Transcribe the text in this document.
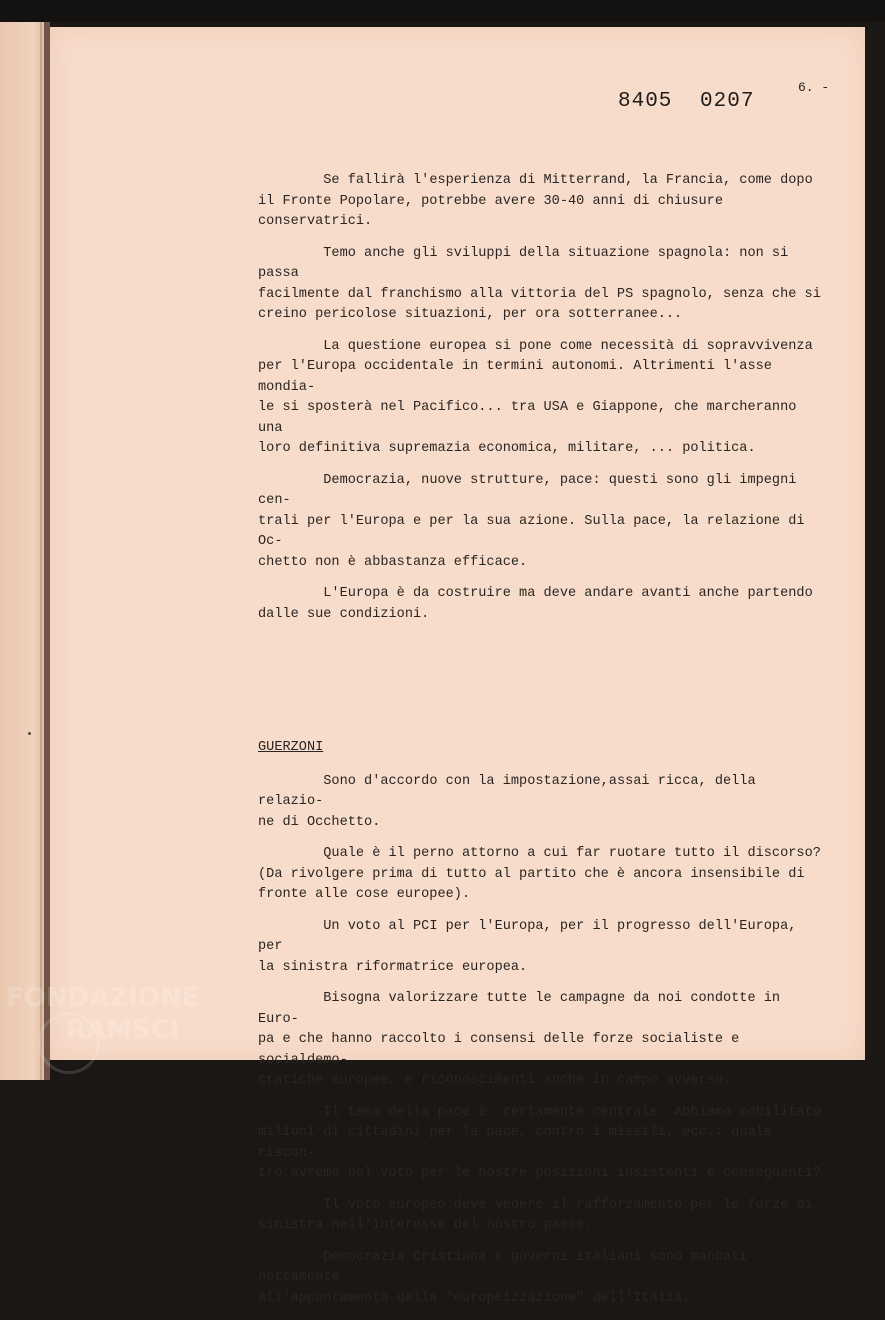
6. -
8405 0207

Se fallirà l'esperienza di Mitterrand, la Francia, come dopo
il Fronte Popolare, potrebbe avere 30-40 anni di chiusure conservatrici.

Temo anche gli sviluppi della situazione spagnola: non si passa
facilmente dal franchismo alla vittoria del PS spagnolo, senza che si
creino pericolose situazioni, per ora sotterranee...

La questione europea si pone come necessità di sopravvivenza
per l'Europa occidentale in termini autonomi. Altrimenti l'asse mondia-
le si sposterà nel Pacifico... tra USA e Giappone, che marcheranno una
loro definitiva supremazia economica, militare, ... politica.

Democrazia, nuove strutture, pace: questi sono gli impegni cen-
trali per l'Europa e per la sua azione. Sulla pace, la relazione di Oc-
chetto non è abbastanza efficace.

L'Europa è da costruire ma deve andare avanti anche partendo
dalle sue condizioni.

GUERZONI

Sono d'accordo con la impostazione,assai ricca, della relazio-
ne di Occhetto.

Quale è il perno attorno a cui far ruotare tutto il discorso?
(Da rivolgere prima di tutto al partito che è ancora insensibile di
fronte alle cose europee).

Un voto al PCI per l'Europa, per il progresso dell'Europa, per
la sinistra riformatrice europea.

Bisogna valorizzare tutte le campagne da noi condotte in Euro-
pa e che hanno raccolto i consensi delle forze socialiste e socialdemo-
cratiche europee, e riconoscimenti anche in campo avverso.

Il tema della pace è  certamente centrale. Abbiamo mobilitato
milioni di cittadini per la pace, contro i missili, ecc.: quale riscon-
tro avremo nel voto per le nostre posizioni insistenti e conseguenti?

Il voto europeo deve vedere il rafforzamento per le forze di
sinistra nell'interesse del nostro paese.

Democrazia Cristiana e governi italiani sono mancati nettamente
all'appuntamento della "europeizzazione" dell'Italia.

FONDAZIONE
RAMSCI
